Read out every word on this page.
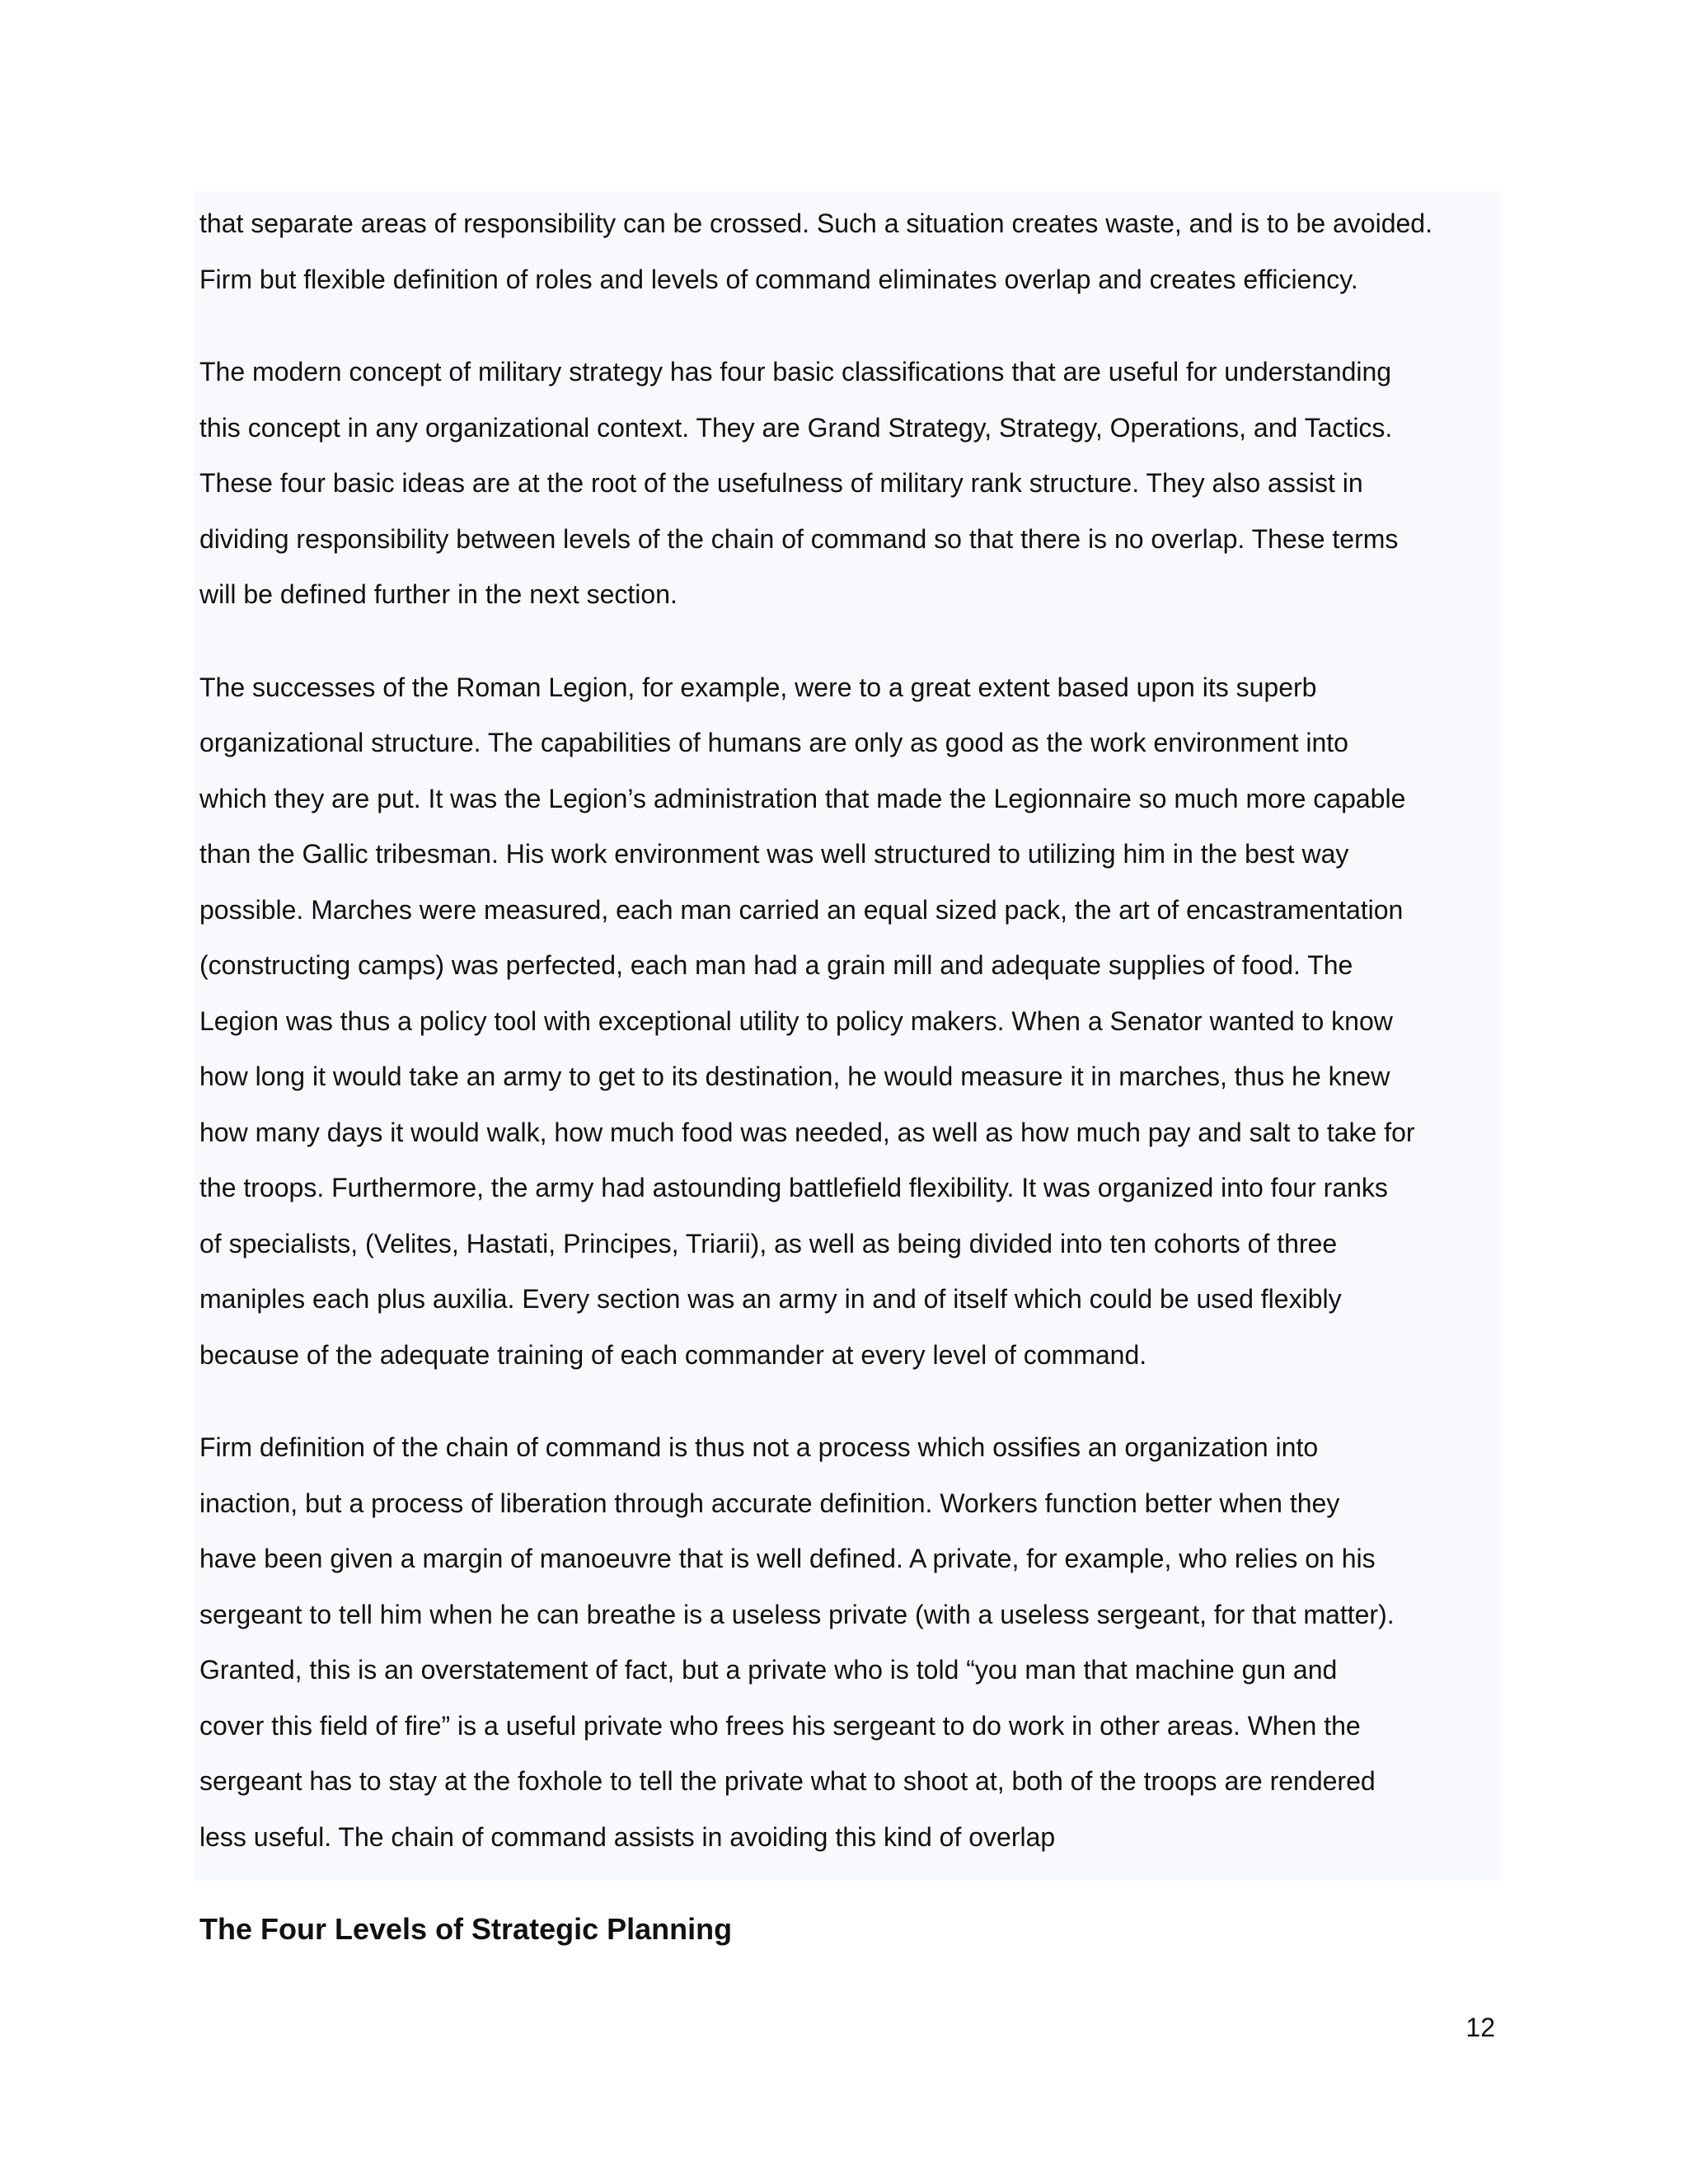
that separate areas of responsibility can be crossed. Such a situation creates waste, and is to be avoided.
Firm but flexible definition of roles and levels of command eliminates overlap and creates efficiency.

The modern concept of military strategy has four basic classifications that are useful for understanding
this concept in any organizational context. They are Grand Strategy, Strategy, Operations, and Tactics.
These four basic ideas are at the root of the usefulness of military rank structure. They also assist in
dividing responsibility between levels of the chain of command so that there is no overlap. These terms
will be defined further in the next section.

The successes of the Roman Legion, for example, were to a great extent based upon its superb
organizational structure. The capabilities of humans are only as good as the work environment into
which they are put. It was the Legion’s administration that made the Legionnaire so much more capable
than the Gallic tribesman. His work environment was well structured to utilizing him in the best way
possible. Marches were measured, each man carried an equal sized pack, the art of encastramentation
(constructing camps) was perfected, each man had a grain mill and adequate supplies of food. The
Legion was thus a policy tool with exceptional utility to policy makers. When a Senator wanted to know
how long it would take an army to get to its destination, he would measure it in marches, thus he knew
how many days it would walk, how much food was needed, as well as how much pay and salt to take for
the troops. Furthermore, the army had astounding battlefield flexibility. It was organized into four ranks
of specialists, (Velites, Hastati, Principes, Triarii), as well as being divided into ten cohorts of three
maniples each plus auxilia. Every section was an army in and of itself which could be used flexibly
because of the adequate training of each commander at every level of command.

Firm definition of the chain of command is thus not a process which ossifies an organization into
inaction, but a process of liberation through accurate definition. Workers function better when they
have been given a margin of manoeuvre that is well defined. A private, for example, who relies on his
sergeant to tell him when he can breathe is a useless private (with a useless sergeant, for that matter).
Granted, this is an overstatement of fact, but a private who is told “you man that machine gun and
cover this field of fire” is a useful private who frees his sergeant to do work in other areas. When the
sergeant has to stay at the foxhole to tell the private what to shoot at, both of the troops are rendered
less useful. The chain of command assists in avoiding this kind of overlap

The Four Levels of Strategic Planning
12
